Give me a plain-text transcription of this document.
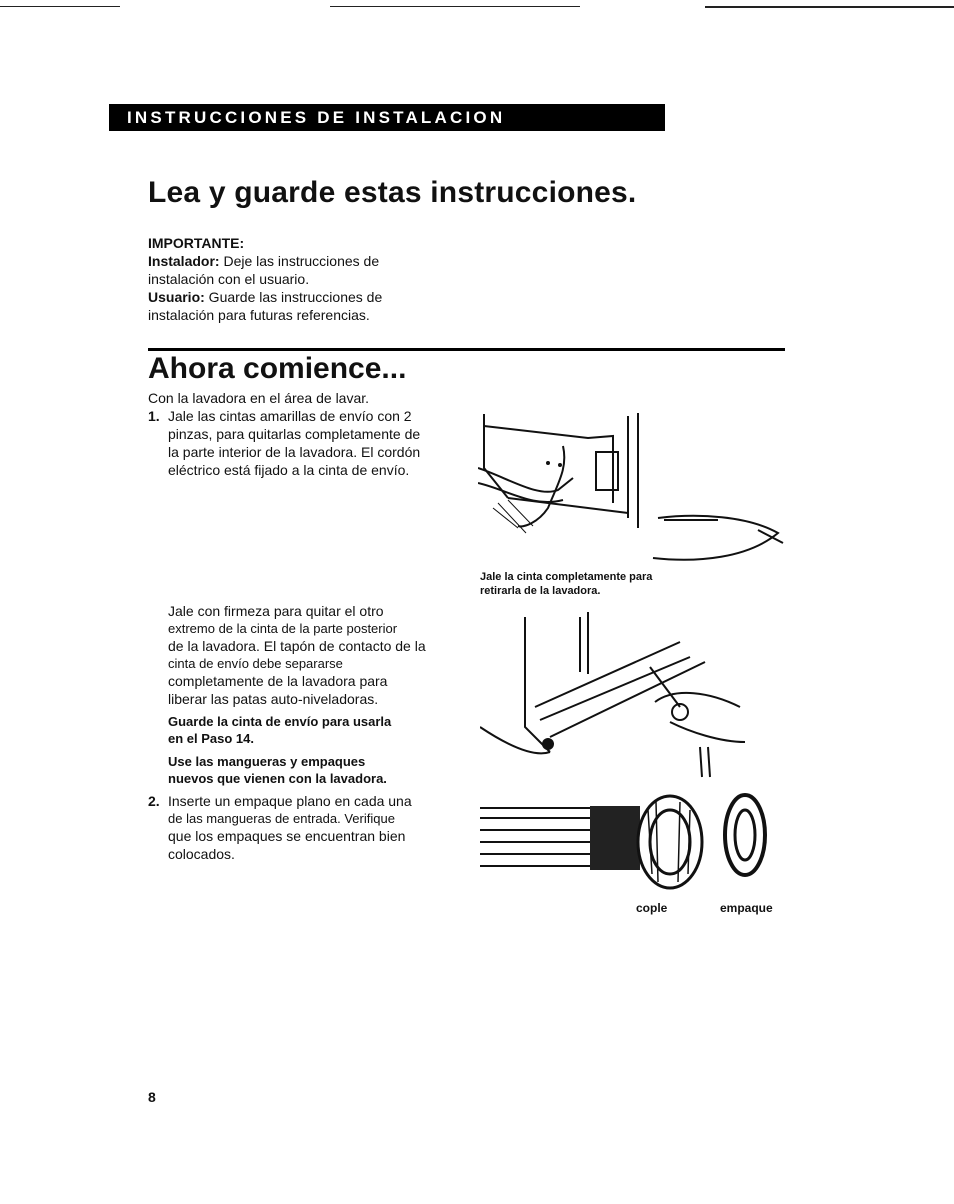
INSTRUCCIONES DE INSTALACION
Lea y guarde estas instrucciones.
IMPORTANTE:
Instalador: Deje las instrucciones de
instalación con el usuario.
Usuario: Guarde las instrucciones de
instalación para futuras referencias.
Ahora comience...
Con la lavadora en el área de lavar.
1. Jale las cintas amarillas de envío con 2
pinzas, para quitarlas completamente de
la parte interior de la lavadora. El cordón
eléctrico está fijado a la cinta de envío.
Jale la cinta completamente para
retirarla de la lavadora.
Jale con firmeza para quitar el otro
extremo de la cinta de la parte posterior
de la lavadora. El tapón de contacto de la
cinta de envío debe separarse
completamente de la lavadora para
liberar las patas auto-niveladoras.
Guarde la cinta de envío para usarla
en el Paso 14.
Use las mangueras y empaques
nuevos que vienen con la lavadora.
2. Inserte un empaque plano en cada una
de las mangueras de entrada. Verifique
que los empaques se encuentran bien
colocados.
cople	empaque
8
